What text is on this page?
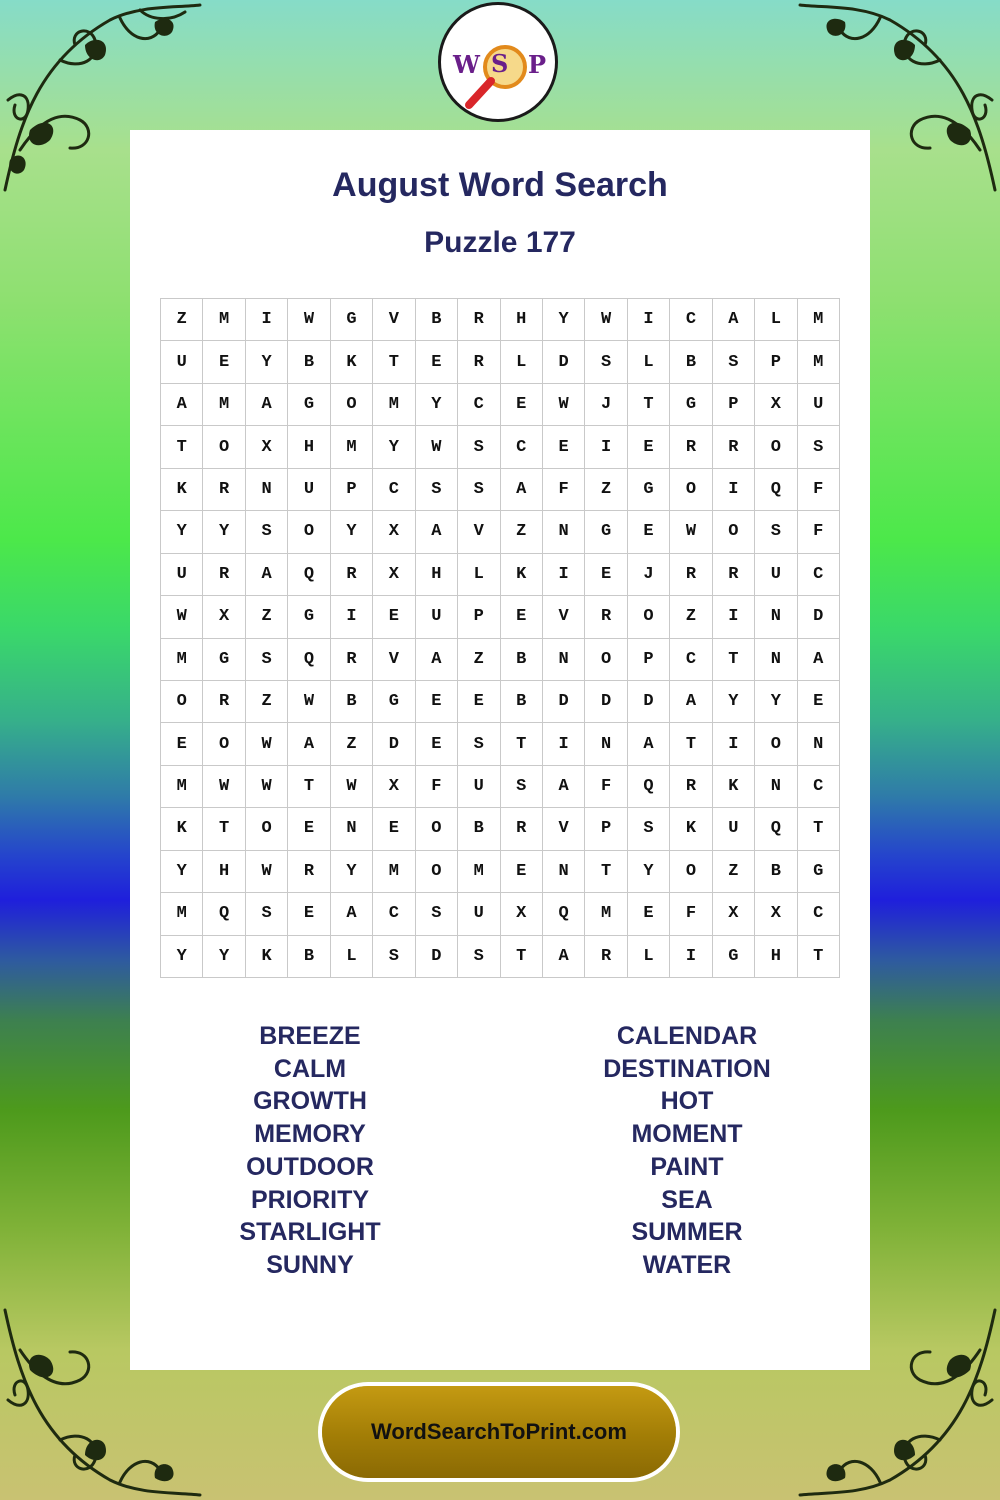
W S P
August Word Search
Puzzle 177
Z	M	I	W	G	V	B	R	H	Y	W	I	C	A	L	M
U	E	Y	B	K	T	E	R	L	D	S	L	B	S	P	M
A	M	A	G	O	M	Y	C	E	W	J	T	G	P	X	U
T	O	X	H	M	Y	W	S	C	E	I	E	R	R	O	S
K	R	N	U	P	C	S	S	A	F	Z	G	O	I	Q	F
Y	Y	S	O	Y	X	A	V	Z	N	G	E	W	O	S	F
U	R	A	Q	R	X	H	L	K	I	E	J	R	R	U	C
W	X	Z	G	I	E	U	P	E	V	R	O	Z	I	N	D
M	G	S	Q	R	V	A	Z	B	N	O	P	C	T	N	A
O	R	Z	W	B	G	E	E	B	D	D	D	A	Y	Y	E
E	O	W	A	Z	D	E	S	T	I	N	A	T	I	O	N
M	W	W	T	W	X	F	U	S	A	F	Q	R	K	N	C
K	T	O	E	N	E	O	B	R	V	P	S	K	U	Q	T
Y	H	W	R	Y	M	O	M	E	N	T	Y	O	Z	B	G
M	Q	S	E	A	C	S	U	X	Q	M	E	F	X	X	C
Y	Y	K	B	L	S	D	S	T	A	R	L	I	G	H	T
BREEZE
CALM
GROWTH
MEMORY
OUTDOOR
PRIORITY
STARLIGHT
SUNNY
CALENDAR
DESTINATION
HOT
MOMENT
PAINT
SEA
SUMMER
WATER
WordSearchToPrint.com
